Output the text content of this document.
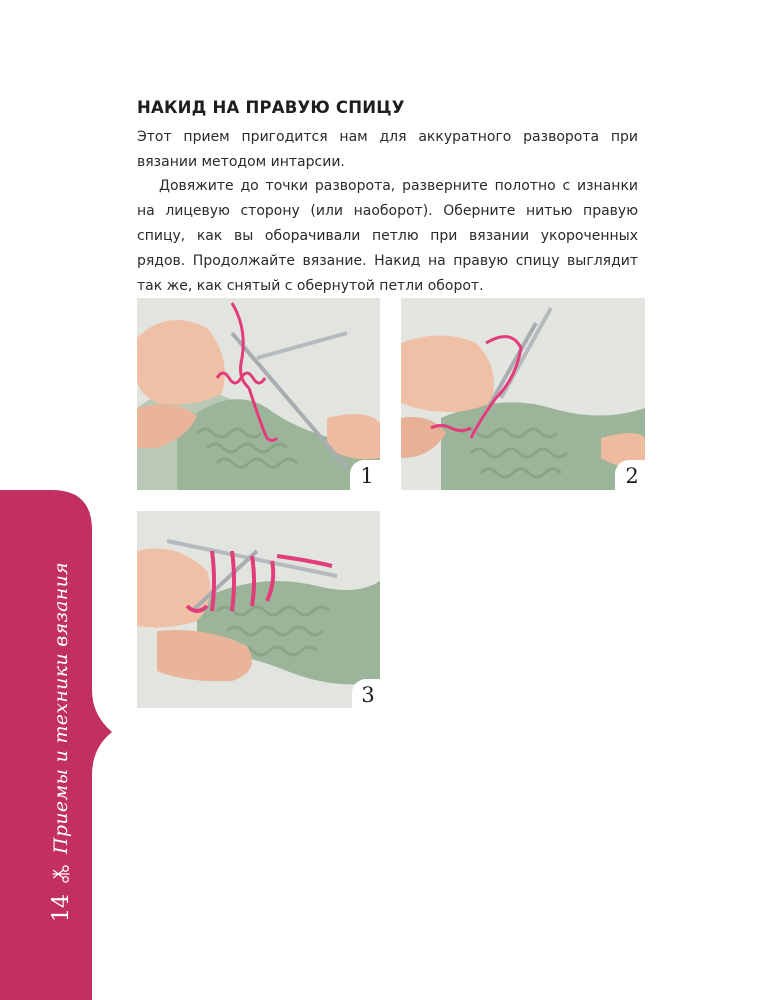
НАКИД НА ПРАВУЮ СПИЦУ

Этот прием пригодится нам для аккуратного разворота при вязании методом интарсии.

Довяжите до точки разворота, разверните полотно с изнанки на лицевую сторону (или наоборот). Оберните нитью правую спицу, как вы оборачивали петлю при вязании укороченных рядов. Продолжайте вязание. Накид на правую спицу выглядит так же, как снятый с обернутой петли оборот.

1	2
3
14
Приемы и техники вязания
